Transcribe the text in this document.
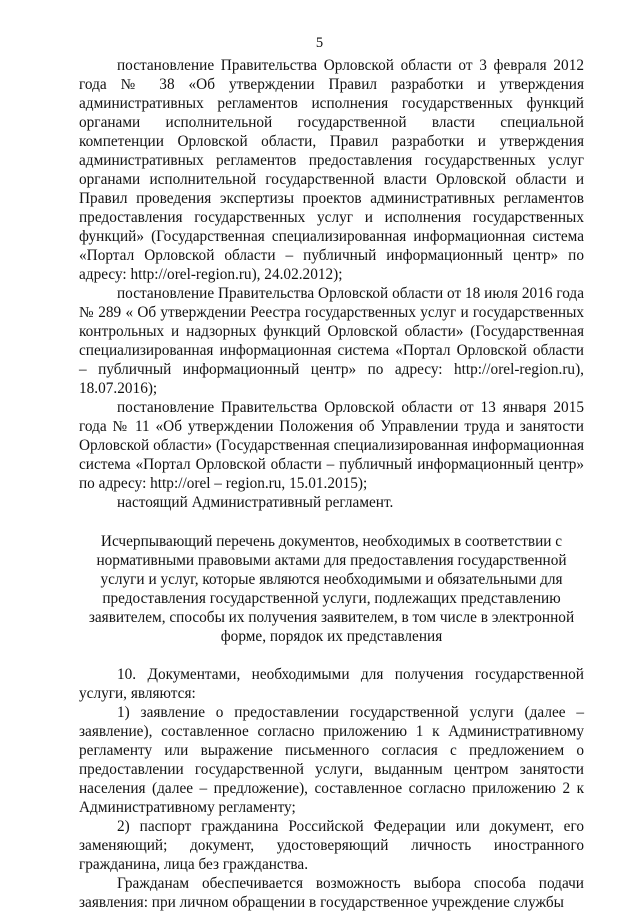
5

постановление Правительства Орловской области от 3 февраля 2012 года № 38 «Об утверждении Правил разработки и утверждения административных регламентов исполнения государственных функций органами исполнительной государственной власти специальной компетенции Орловской области, Правил разработки и утверждения административных регламентов предоставления государственных услуг органами исполнительной государственной власти Орловской области и Правил проведения экспертизы проектов административных регламентов предоставления государственных услуг и исполнения государственных функций» (Государственная специализированная информационная система «Портал Орловской области – публичный информационный центр» по адресу: http://orel-region.ru), 24.02.2012);

постановление Правительства Орловской области от 18 июля 2016 года № 289 « Об утверждении Реестра государственных услуг и государственных контрольных и надзорных функций Орловской области» (Государственная специализированная информационная система «Портал Орловской области – публичный информационный центр» по адресу: http://orel-region.ru), 18.07.2016);

постановление Правительства Орловской области от 13 января 2015 года № 11 «Об утверждении Положения об Управлении труда и занятости Орловской области» (Государственная специализированная информационная система «Портал Орловской области – публичный информационный центр» по адресу: http://orel – region.ru, 15.01.2015);

настоящий Административный регламент.

Исчерпывающий перечень документов, необходимых в соответствии с нормативными правовыми актами для предоставления государственной услуги и услуг, которые являются необходимыми и обязательными для предоставления государственной услуги, подлежащих представлению заявителем, способы их получения заявителем, в том числе в электронной форме, порядок их представления

10. Документами, необходимыми для получения государственной услуги, являются:

1) заявление о предоставлении государственной услуги (далее – заявление), составленное согласно приложению 1 к Административному регламенту или выражение письменного согласия с предложением о предоставлении государственной услуги, выданным центром занятости населения (далее – предложение), составленное согласно приложению 2 к Административному регламенту;

2) паспорт гражданина Российской Федерации или документ, его заменяющий; документ, удостоверяющий личность иностранного гражданина, лица без гражданства.

Гражданам обеспечивается возможность выбора способа подачи заявления: при личном обращении в государственное учреждение службы
